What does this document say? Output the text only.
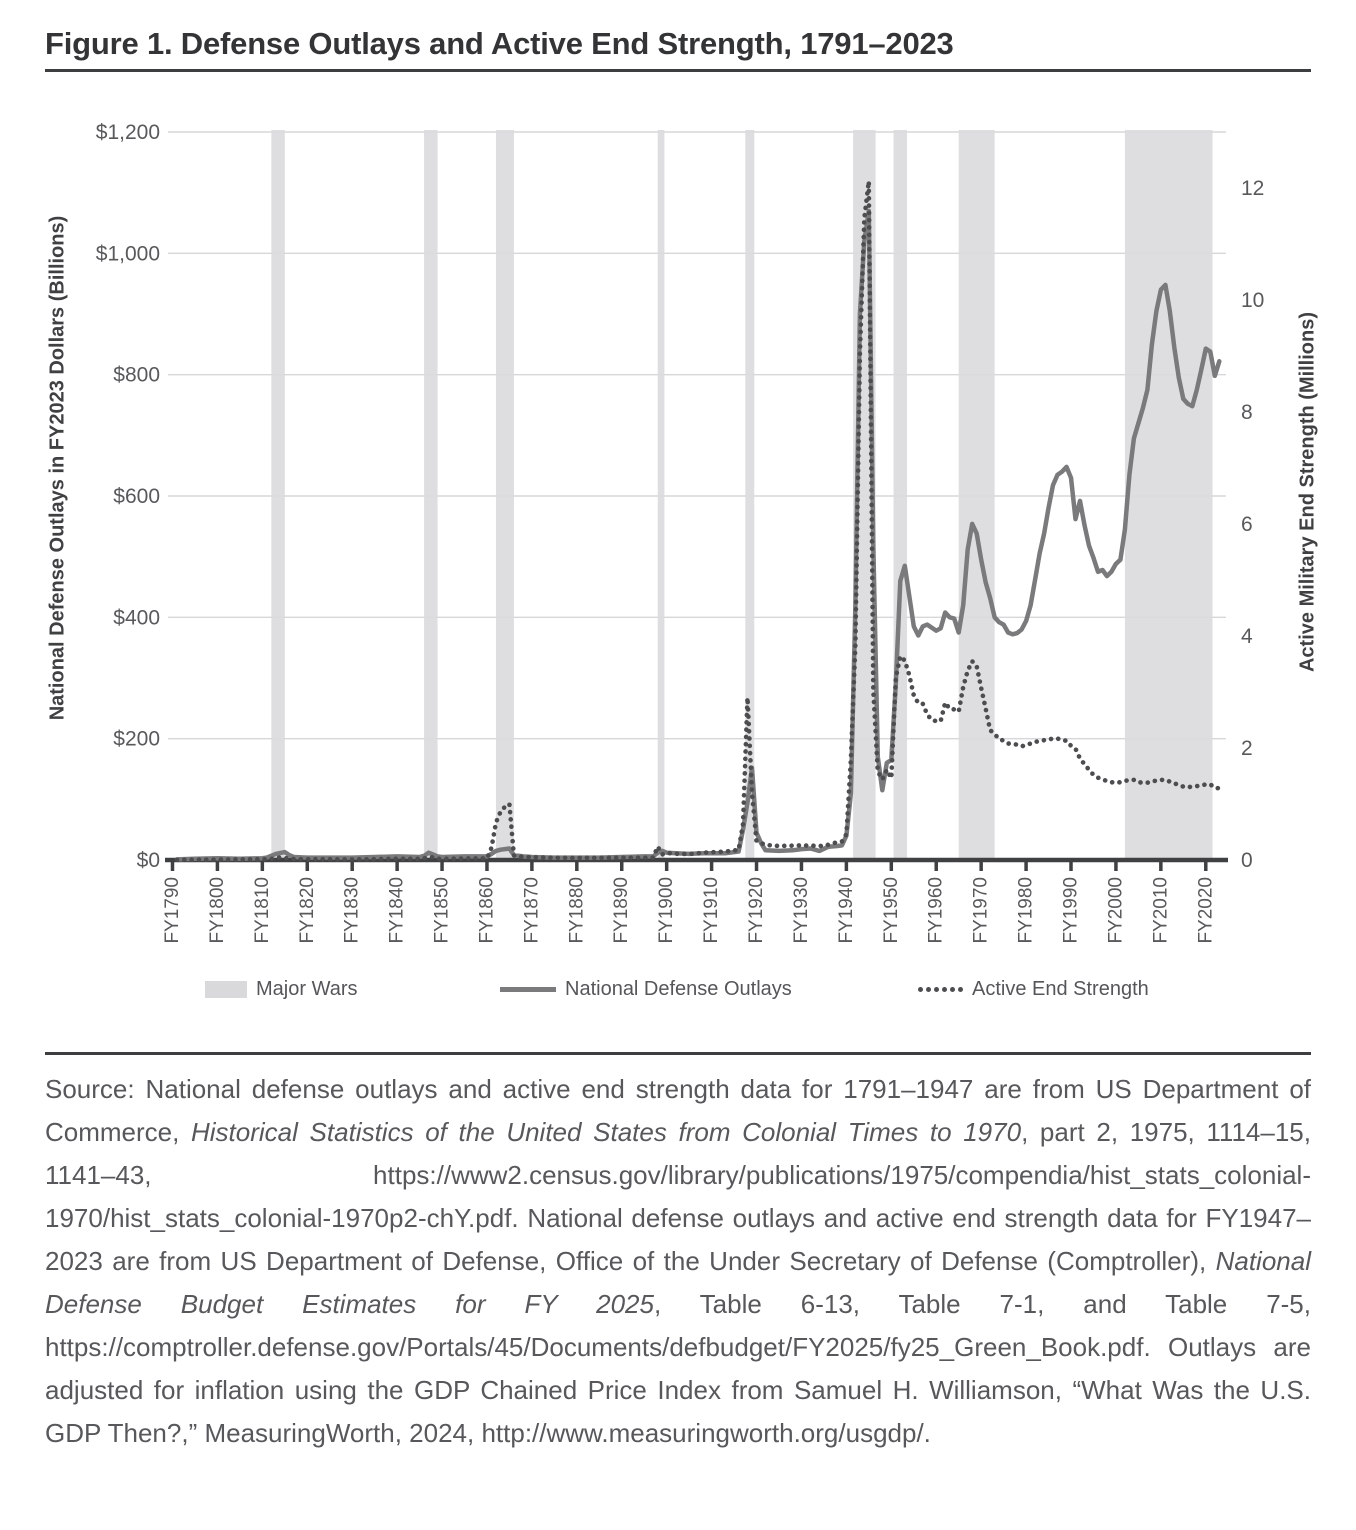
Figure 1. Defense Outlays and Active End Strength, 1791–2023
$0
$200
$400
$600
$800
$1,000
$1,200
0
2
4
6
8
10
12
FY1790 FY1800 FY1810 FY1820 FY1830 FY1840 FY1850 FY1860 FY1870 FY1880 FY1890 FY1900 FY1910 FY1920 FY1930 FY1940 FY1950 FY1960 FY1970 FY1980 FY1990 FY2000 FY2010 FY2020
National Defense Outlays in FY2023 Dollars (Billions)	Active Military End Strength (Millions)
Major Wars	National Defense Outlays	Active End Strength
Source: National defense outlays and active end strength data for 1791–1947 are from US Department of Commerce, Historical Statistics of the United States from Colonial Times to 1970, part 2, 1975, 1114–15, 1141–43, https://www2.census.gov/library/publications/1975/compendia/hist_stats_colonial-1970/hist_stats_colonial-1970p2-chY.pdf. National defense outlays and active end strength data for FY1947–2023 are from US Department of Defense, Office of the Under Secretary of Defense (Comptroller), National Defense Budget Estimates for FY 2025, Table 6-13, Table 7-1, and Table 7-5, https://comptroller.defense.gov/Portals/45/Documents/defbudget/FY2025/fy25_Green_Book.pdf. Outlays are adjusted for inflation using the GDP Chained Price Index from Samuel H. Williamson, “What Was the U.S. GDP Then?,” MeasuringWorth, 2024, http://www.measuringworth.org/usgdp/.
